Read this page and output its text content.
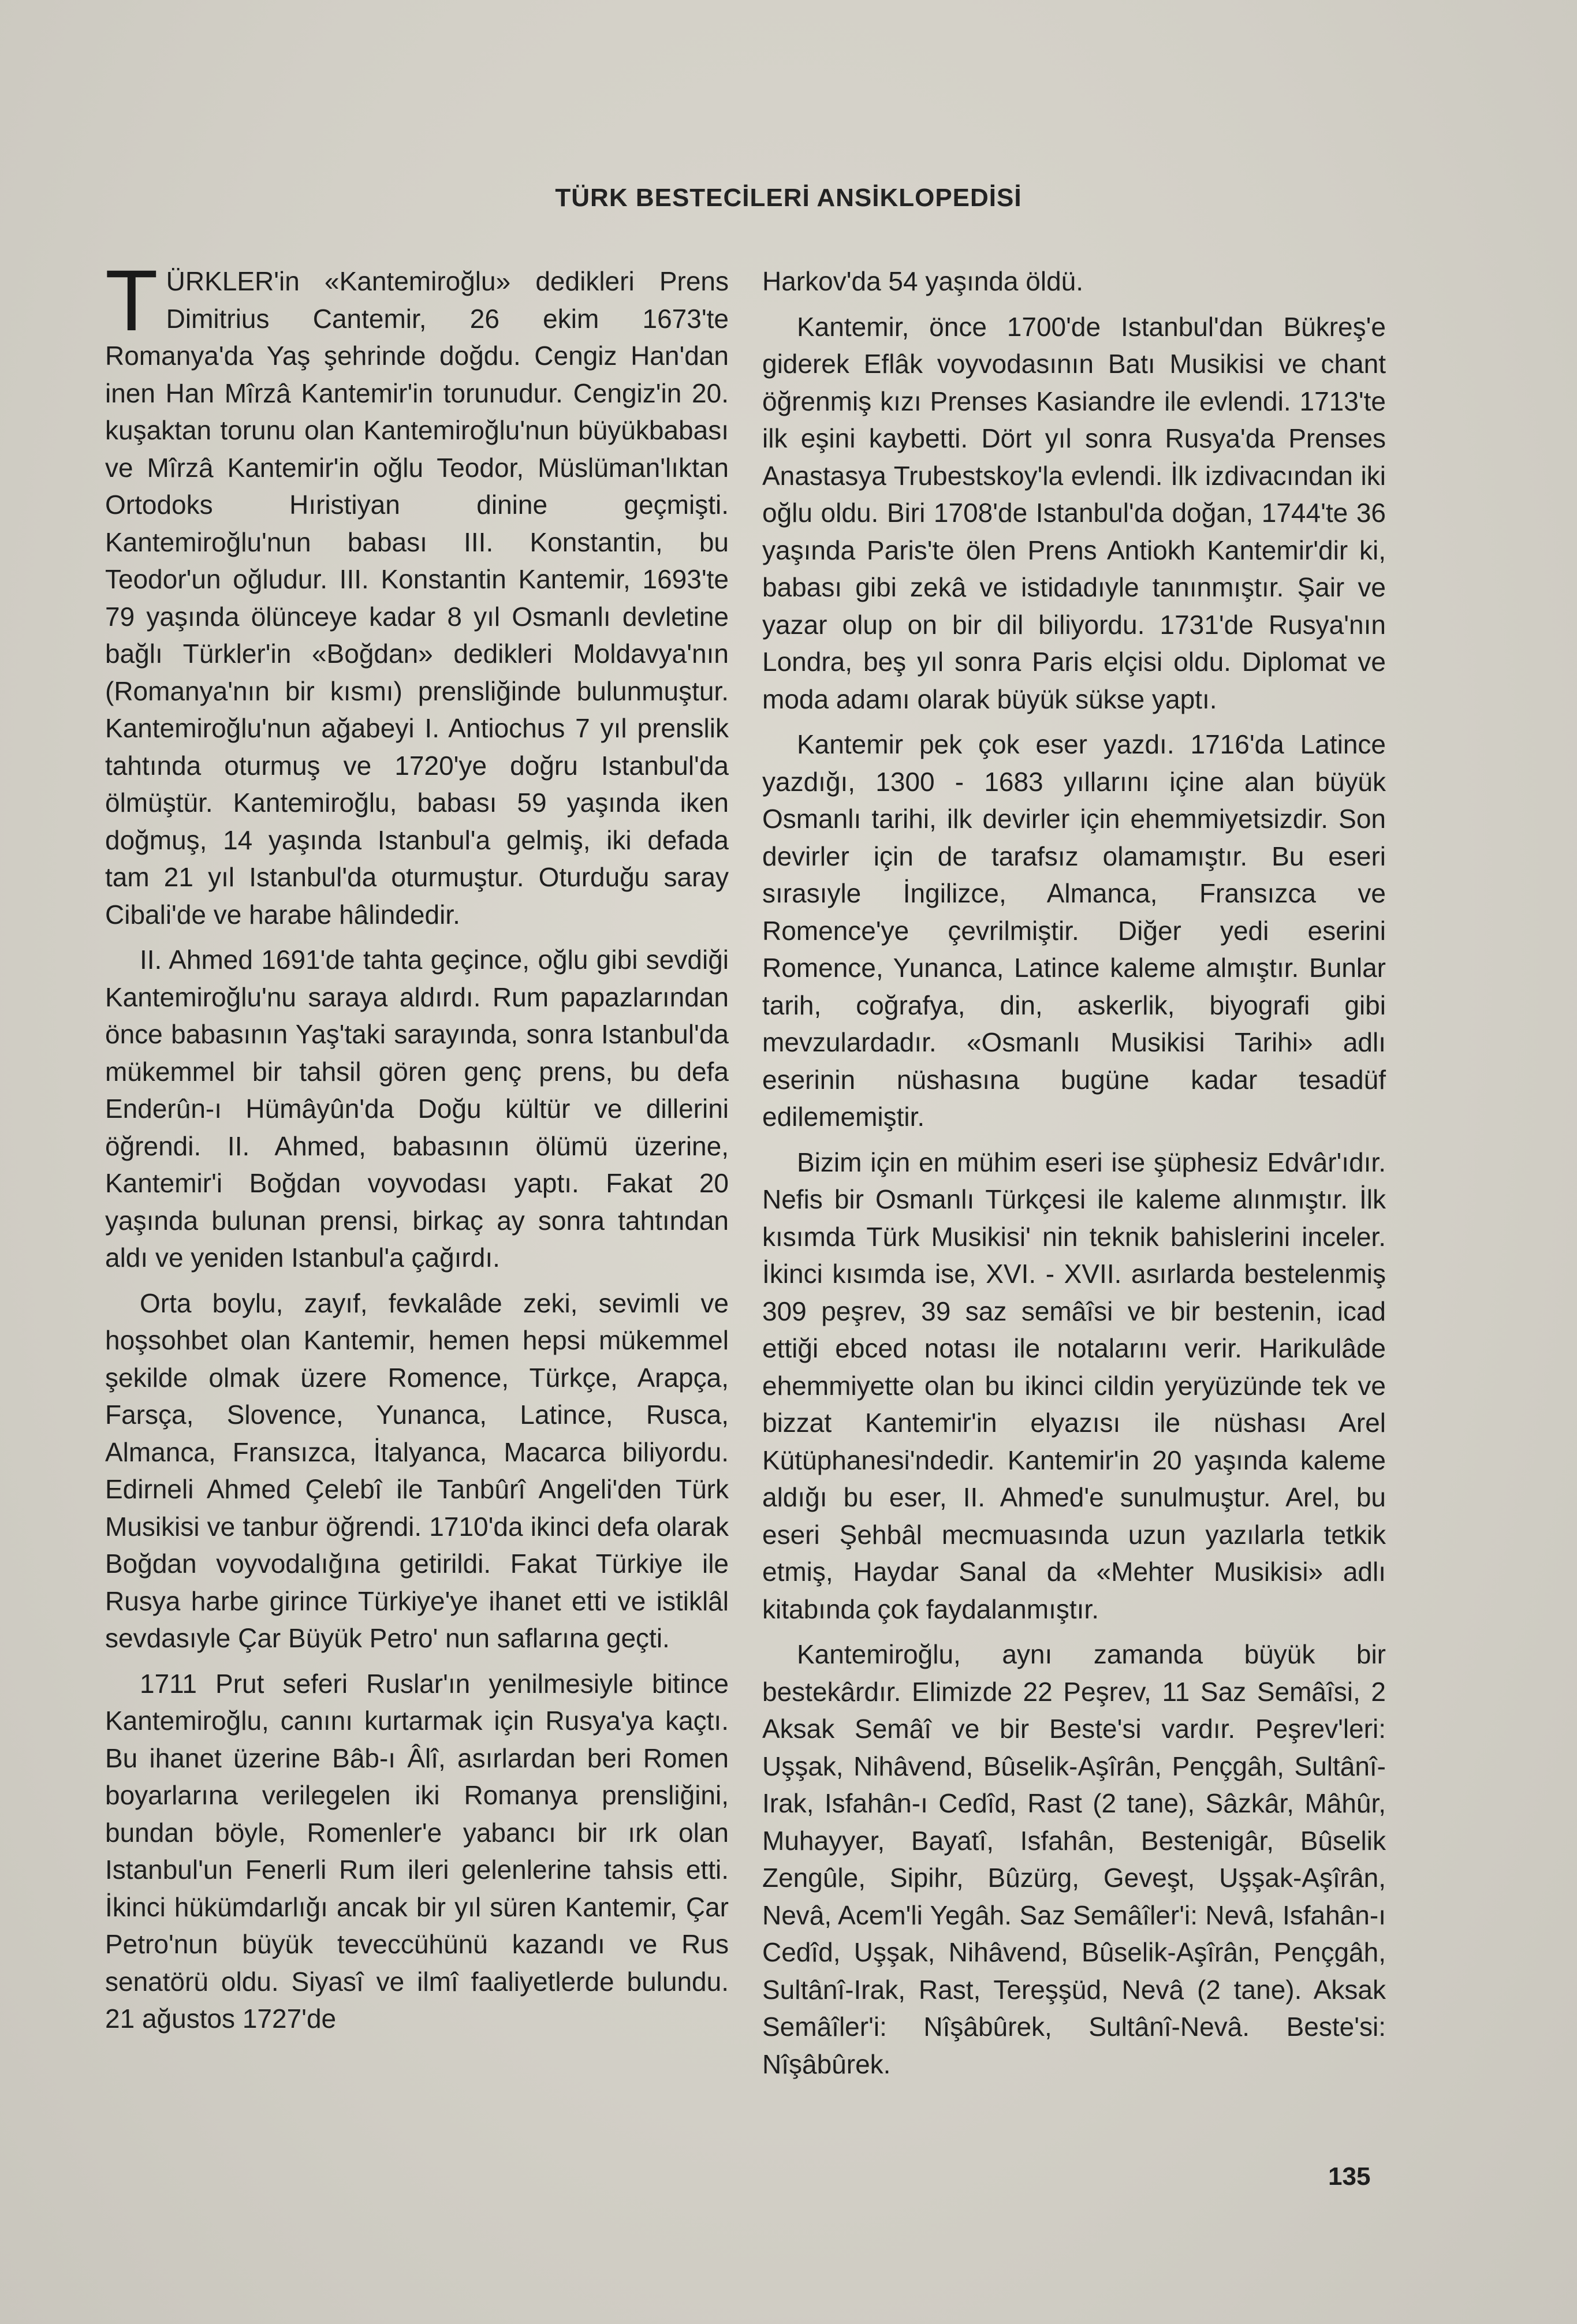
TÜRK BESTECİLERİ ANSİKLOPEDİSİ

TÜRKLER'in «Kantemiroğlu» dedikleri Prens Dimitrius Cantemir, 26 ekim 1673'te Romanya'da Yaş şehrinde doğdu. Cengiz Han'dan inen Han Mîrzâ Kantemir'in torunudur. Cengiz'in 20. kuşaktan torunu olan Kantemiroğlu'nun büyükbabası ve Mîrzâ Kantemir'in oğlu Teodor, Müslüman'lıktan Ortodoks Hıristiyan dinine geçmişti. Kantemiroğlu'nun babası III. Konstantin, bu Teodor'un oğludur. III. Konstantin Kantemir, 1693'te 79 yaşında ölünceye kadar 8 yıl Osmanlı devletine bağlı Türkler'in «Boğdan» dedikleri Moldavya'nın (Romanya'nın bir kısmı) prensliğinde bulunmuştur. Kantemiroğlu'nun ağabeyi I. Antiochus 7 yıl prenslik tahtında oturmuş ve 1720'ye doğru Istanbul'da ölmüştür. Kantemiroğlu, babası 59 yaşında iken doğmuş, 14 yaşında Istanbul'a gelmiş, iki defada tam 21 yıl Istanbul'da oturmuştur. Oturduğu saray Cibali'de ve harabe hâlindedir.

II. Ahmed 1691'de tahta geçince, oğlu gibi sevdiği Kantemiroğlu'nu saraya aldırdı. Rum papazlarından önce babasının Yaş'taki sarayında, sonra Istanbul'da mükemmel bir tahsil gören genç prens, bu defa Enderûn-ı Hümâyûn'da Doğu kültür ve dillerini öğrendi. II. Ahmed, babasının ölümü üzerine, Kantemir'i Boğdan voyvodası yaptı. Fakat 20 yaşında bulunan prensi, birkaç ay sonra tahtından aldı ve yeniden Istanbul'a çağırdı.

Orta boylu, zayıf, fevkalâde zeki, sevimli ve hoşsohbet olan Kantemir, hemen hepsi mükemmel şekilde olmak üzere Romence, Türkçe, Arapça, Farsça, Slovence, Yunanca, Latince, Rusca, Almanca, Fransızca, İtalyanca, Macarca biliyordu. Edirneli Ahmed Çelebî ile Tanbûrî Angeli'den Türk Musikisi ve tanbur öğrendi. 1710'da ikinci defa olarak Boğdan voyvodalığına getirildi. Fakat Türkiye ile Rusya harbe girince Türkiye'ye ihanet etti ve istiklâl sevdasıyle Çar Büyük Petro' nun saflarına geçti.

1711 Prut seferi Ruslar'ın yenilmesiyle bitince Kantemiroğlu, canını kurtarmak için Rusya'ya kaçtı. Bu ihanet üzerine Bâb-ı Âlî, asırlardan beri Romen boyarlarına verilegelen iki Romanya prensliğini, bundan böyle, Romenler'e yabancı bir ırk olan Istanbul'un Fenerli Rum ileri gelenlerine tahsis etti. İkinci hükümdarlığı ancak bir yıl süren Kantemir, Çar Petro'nun büyük teveccühünü kazandı ve Rus senatörü oldu. Siyasî ve ilmî faaliyetlerde bulundu. 21 ağustos 1727'de

Harkov'da 54 yaşında öldü.

Kantemir, önce 1700'de Istanbul'dan Bükreş'e giderek Eflâk voyvodasının Batı Musikisi ve chant öğrenmiş kızı Prenses Kasiandre ile evlendi. 1713'te ilk eşini kaybetti. Dört yıl sonra Rusya'da Prenses Anastasya Trubestskoy'la evlendi. İlk izdivacından iki oğlu oldu. Biri 1708'de Istanbul'da doğan, 1744'te 36 yaşında Paris'te ölen Prens Antiokh Kantemir'dir ki, babası gibi zekâ ve istidadıyle tanınmıştır. Şair ve yazar olup on bir dil biliyordu. 1731'de Rusya'nın Londra, beş yıl sonra Paris elçisi oldu. Diplomat ve moda adamı olarak büyük sükse yaptı.

Kantemir pek çok eser yazdı. 1716'da Latince yazdığı, 1300 - 1683 yıllarını içine alan büyük Osmanlı tarihi, ilk devirler için ehemmiyetsizdir. Son devirler için de tarafsız olamamıştır. Bu eseri sırasıyle İngilizce, Almanca, Fransızca ve Romence'ye çevrilmiştir. Diğer yedi eserini Romence, Yunanca, Latince kaleme almıştır. Bunlar tarih, coğrafya, din, askerlik, biyografi gibi mevzulardadır. «Osmanlı Musikisi Tarihi» adlı eserinin nüshasına bugüne kadar tesadüf edilememiştir.

Bizim için en mühim eseri ise şüphesiz Edvâr'ıdır. Nefis bir Osmanlı Türkçesi ile kaleme alınmıştır. İlk kısımda Türk Musikisi' nin teknik bahislerini inceler. İkinci kısımda ise, XVI. - XVII. asırlarda bestelenmiş 309 peşrev, 39 saz semâîsi ve bir bestenin, icad ettiği ebced notası ile notalarını verir. Harikulâde ehemmiyette olan bu ikinci cildin yeryüzünde tek ve bizzat Kantemir'in elyazısı ile nüshası Arel Kütüphanesi'ndedir. Kantemir'in 20 yaşında kaleme aldığı bu eser, II. Ahmed'e sunulmuştur. Arel, bu eseri Şehbâl mecmuasında uzun yazılarla tetkik etmiş, Haydar Sanal da «Mehter Musikisi» adlı kitabında çok faydalanmıştır.

Kantemiroğlu, aynı zamanda büyük bir bestekârdır. Elimizde 22 Peşrev, 11 Saz Semâîsi, 2 Aksak Semâî ve bir Beste'si vardır. Peşrev'leri: Uşşak, Nihâvend, Bûselik-Aşîrân, Pençgâh, Sultânî-Irak, Isfahân-ı Cedîd, Rast (2 tane), Sâzkâr, Mâhûr, Muhayyer, Bayatî, Isfahân, Bestenigâr, Bûselik Zengûle, Sipihr, Bûzürg, Geveşt, Uşşak-Aşîrân, Nevâ, Acem'li Yegâh. Saz Semâîler'i: Nevâ, Isfahân-ı Cedîd, Uşşak, Nihâvend, Bûselik-Aşîrân, Pençgâh, Sultânî-Irak, Rast, Tereşşüd, Nevâ (2 tane). Aksak Semâîler'i: Nîşâbûrek, Sultânî-Nevâ. Beste'si: Nîşâbûrek.

135
